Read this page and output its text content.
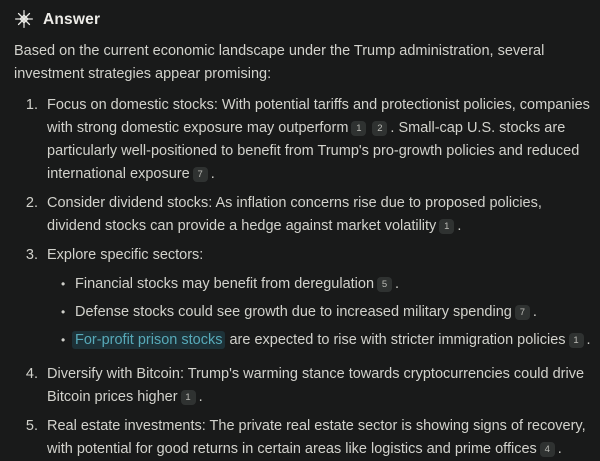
Answer

Based on the current economic landscape under the Trump administration, several investment strategies appear promising:

1. Focus on domestic stocks: With potential tariffs and protectionist policies, companies with strong domestic exposure may outperform 1 2 . Small-cap U.S. stocks are particularly well-positioned to benefit from Trump's pro-growth policies and reduced international exposure 7 .
2. Consider dividend stocks: As inflation concerns rise due to proposed policies, dividend stocks can provide a hedge against market volatility 1 .
3. Explore specific sectors:
• Financial stocks may benefit from deregulation 5 .
• Defense stocks could see growth due to increased military spending 7 .
• For-profit prison stocks are expected to rise with stricter immigration policies 1 .
4. Diversify with Bitcoin: Trump's warming stance towards cryptocurrencies could drive Bitcoin prices higher 1 .
5. Real estate investments: The private real estate sector is showing signs of recovery, with potential for good returns in certain areas like logistics and prime offices 4 .
